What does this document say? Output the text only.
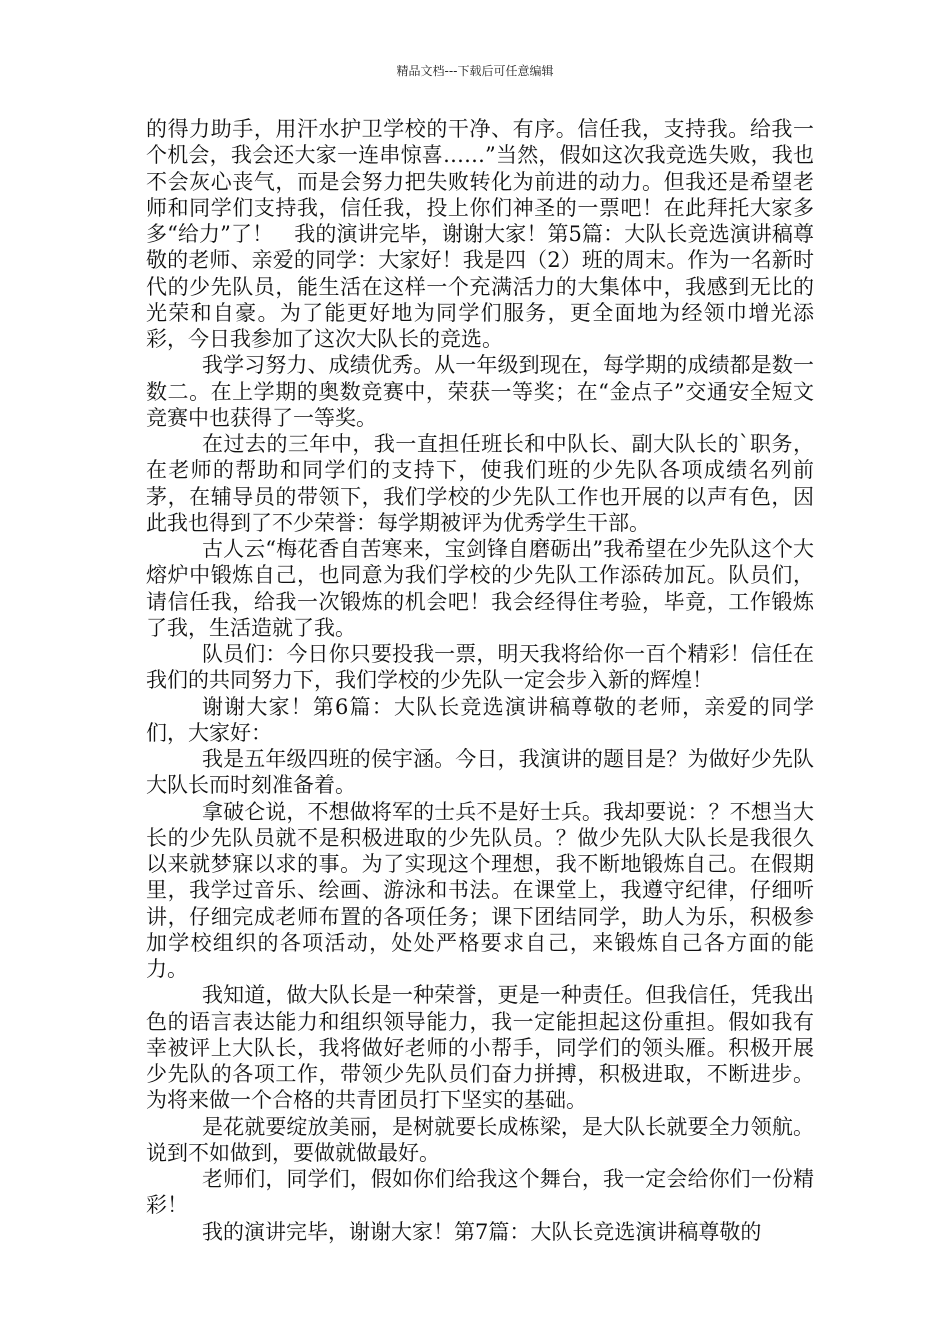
精品文档---下载后可任意编辑

的得力助手，用汗水护卫学校的干净、有序。信任我，支持我。给我一个机会，我会还大家一连串惊喜……”当然，假如这次我竞选失败，我也不会灰心丧气，而是会努力把失败转化为前进的动力。但我还是希望老师和同学们支持我，信任我，投上你们神圣的一票吧！在此拜托大家多多“给力”了！　我的演讲完毕，谢谢大家！第5篇：大队长竞选演讲稿尊敬的老师、亲爱的同学：大家好！我是四（2）班的周末。作为一名新时代的少先队员，能生活在这样一个充满活力的大集体中，我感到无比的光荣和自豪。为了能更好地为同学们服务，更全面地为经领巾增光添彩，今日我参加了这次大队长的竞选。

我学习努力、成绩优秀。从一年级到现在，每学期的成绩都是数一数二。在上学期的奥数竞赛中，荣获一等奖；在“金点子”交通安全短文竞赛中也获得了一等奖。

在过去的三年中，我一直担任班长和中队长、副大队长的`职务，在老师的帮助和同学们的支持下，使我们班的少先队各项成绩名列前茅，在辅导员的带领下，我们学校的少先队工作也开展的以声有色，因此我也得到了不少荣誉：每学期被评为优秀学生干部。

古人云“梅花香自苦寒来，宝剑锋自磨砺出”我希望在少先队这个大熔炉中锻炼自己，也同意为我们学校的少先队工作添砖加瓦。队员们，请信任我，给我一次锻炼的机会吧！我会经得住考验，毕竟，工作锻炼了我，生活造就了我。

队员们：今日你只要投我一票，明天我将给你一百个精彩！信任在我们的共同努力下，我们学校的少先队一定会步入新的辉煌！

谢谢大家！第6篇：大队长竞选演讲稿尊敬的老师，亲爱的同学们，大家好：

我是五年级四班的侯宇涵。今日，我演讲的题目是？为做好少先队大队长而时刻准备着。

拿破仑说，不想做将军的士兵不是好士兵。我却要说：？不想当大长的少先队员就不是积极进取的少先队员。？做少先队大队长是我很久以来就梦寐以求的事。为了实现这个理想，我不断地锻炼自己。在假期里，我学过音乐、绘画、游泳和书法。在课堂上，我遵守纪律，仔细听讲，仔细完成老师布置的各项任务；课下团结同学，助人为乐，积极参加学校组织的各项活动，处处严格要求自己，来锻炼自己各方面的能力。

我知道，做大队长是一种荣誉，更是一种责任。但我信任，凭我出色的语言表达能力和组织领导能力，我一定能担起这份重担。假如我有幸被评上大队长，我将做好老师的小帮手，同学们的领头雁。积极开展少先队的各项工作，带领少先队员们奋力拼搏，积极进取，不断进步。为将来做一个合格的共青团员打下坚实的基础。

是花就要绽放美丽，是树就要长成栋梁，是大队长就要全力领航。说到不如做到，要做就做最好。

老师们，同学们，假如你们给我这个舞台，我一定会给你们一份精彩！

我的演讲完毕，谢谢大家！第7篇：大队长竞选演讲稿尊敬的
